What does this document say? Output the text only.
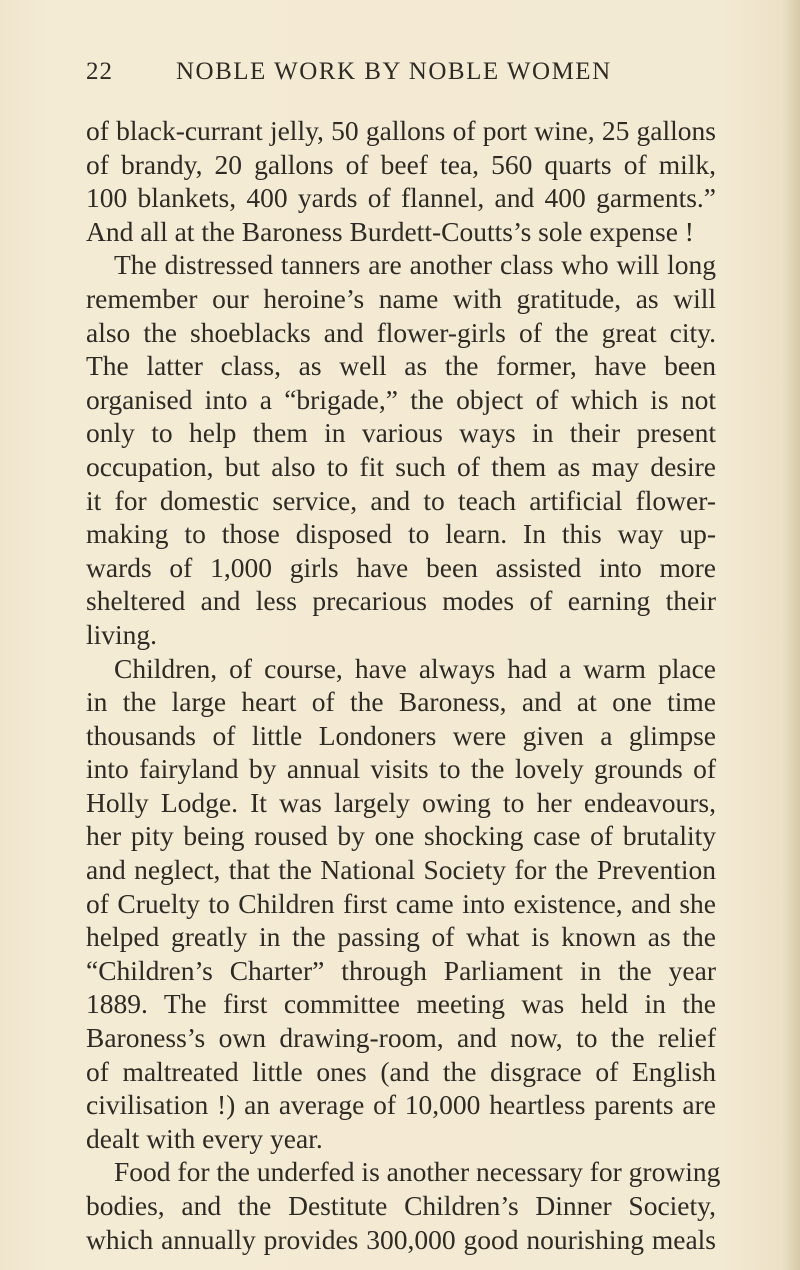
22	NOBLE WORK BY NOBLE WOMEN
of black-currant jelly, 50 gallons of port wine, 25 gallons
of brandy, 20 gallons of beef tea, 560 quarts of milk,
100 blankets, 400 yards of flannel, and 400 garments.”
And all at the Baroness Burdett-Coutts’s sole expense !
The distressed tanners are another class who will long
remember our heroine’s name with gratitude, as will
also the shoeblacks and flower-girls of the great city.
The latter class, as well as the former, have been
organised into a “brigade,” the object of which is not
only to help them in various ways in their present
occupation, but also to fit such of them as may desire
it for domestic service, and to teach artificial flower-
making to those disposed to learn. In this way up-
wards of 1,000 girls have been assisted into more
sheltered and less precarious modes of earning their
living.
Children, of course, have always had a warm place
in the large heart of the Baroness, and at one time
thousands of little Londoners were given a glimpse
into fairyland by annual visits to the lovely grounds of
Holly Lodge. It was largely owing to her endeavours,
her pity being roused by one shocking case of brutality
and neglect, that the National Society for the Prevention
of Cruelty to Children first came into existence, and she
helped greatly in the passing of what is known as the
“Children’s Charter” through Parliament in the year
1889. The first committee meeting was held in the
Baroness’s own drawing-room, and now, to the relief
of maltreated little ones (and the disgrace of English
civilisation !) an average of 10,000 heartless parents are
dealt with every year.
Food for the underfed is another necessary for growing
bodies, and the Destitute Children’s Dinner Society,
which annually provides 300,000 good nourishing meals
